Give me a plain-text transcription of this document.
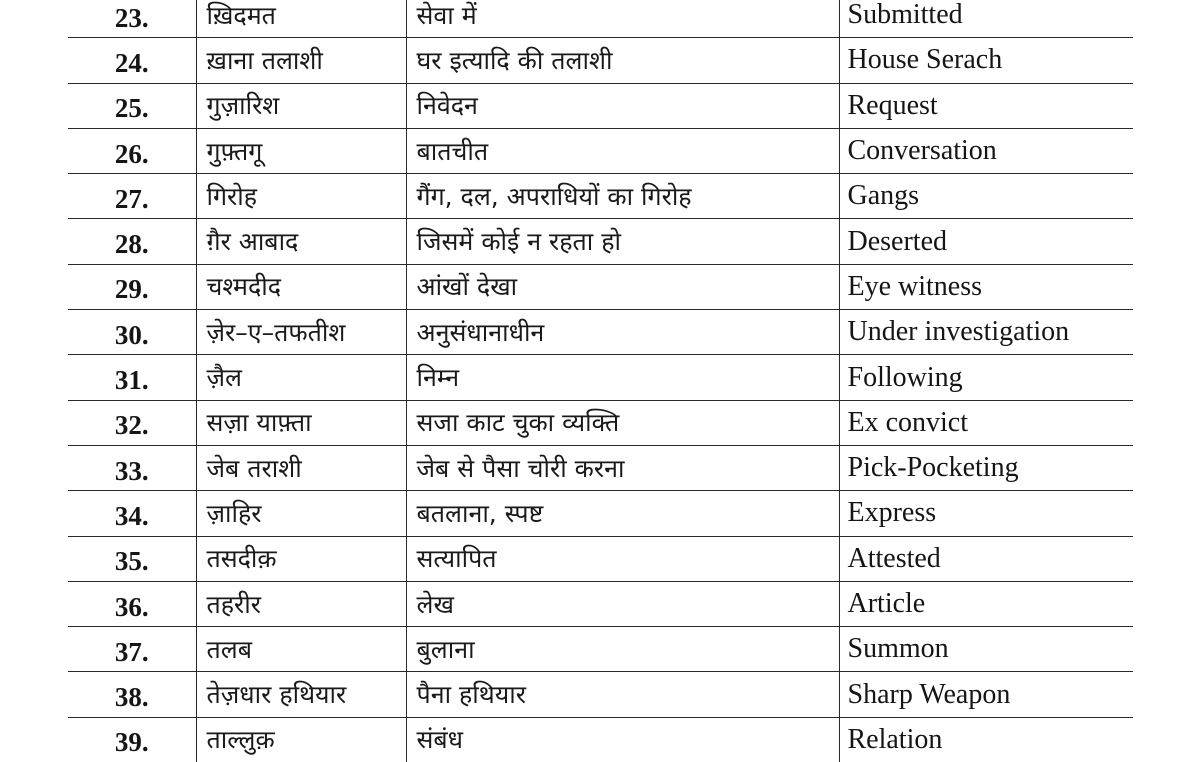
23.	ख़िदमत	सेवा में	Submitted
24.	ख़ाना तलाशी	घर इत्यादि की तलाशी	House Serach
25.	गुज़ारिश	निवेदन	Request
26.	गुफ़्तगू	बातचीत	Conversation
27.	गिरोह	गैंग, दल, अपराधियों का गिरोह	Gangs
28.	ग़ैर आबाद	जिसमें कोई न रहता हो	Deserted
29.	चश्मदीद	आंखों देखा	Eye witness
30.	ज़ेर–ए–तफतीश	अनुसंधानाधीन	Under investigation
31.	ज़ैल	निम्न	Following
32.	सज़ा याफ़्ता	सजा काट चुका व्यक्ति	Ex convict
33.	जेब तराशी	जेब से पैसा चोरी करना	Pick-Pocketing
34.	ज़ाहिर	बतलाना, स्पष्ट	Express
35.	तसदीक़	सत्यापित	Attested
36.	तहरीर	लेख	Article
37.	तलब	बुलाना	Summon
38.	तेज़धार हथियार	पैना हथियार	Sharp Weapon
39.	ताल्लुक़	संबंध	Relation
